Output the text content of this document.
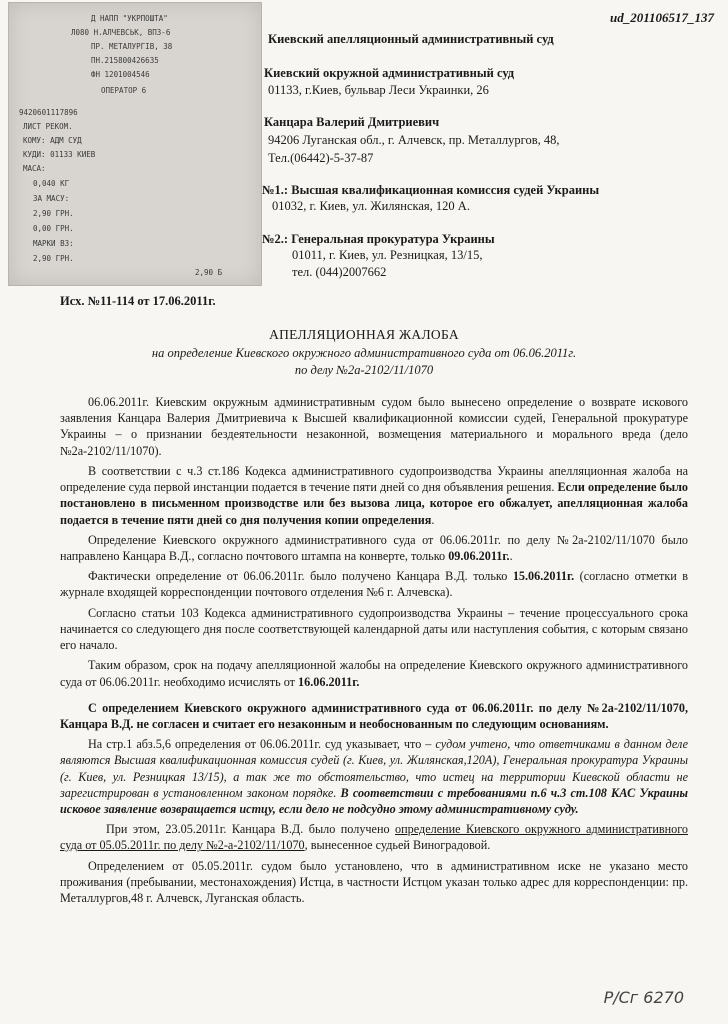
ud_201106517_137
Д НАПП "УКРПОШТА"
Л080 Н.АЛЧЕВСЬК, ВПЗ-6
ПР. МЕТАЛУРГIВ, 38
ПН.215800426635
ФН 1201004546
ОПЕРАТОР 6
9420601117896
ЛИСТ РЕКОМ.
КОМУ: АДМ СУД
КУДИ: 01133 КИЕВ
МАСА:
0,040 КГ
ЗА МАСУ:
2,90 ГРН.
0,00 ГРН.
МАРКИ ВЗ:
2,90 ГРН.
2,90 Б
Киевский апелляционный административный суд
Киевский окружной административный суд
01133, г.Киев, бульвар Леси Украинки, 26
Канцара Валерий Дмитриевич
94206 Луганская обл., г. Алчевск, пр. Металлургов, 48,
Тел.(06442)-5-37-87
№1.: Высшая квалификационная комиссия судей Украины
01032, г. Киев, ул. Жилянская, 120 А.
№2.: Генеральная прокуратура Украины
01011, г. Киев, ул. Резницкая, 13/15,
тел. (044)2007662
Исх. №11-114 от 17.06.2011г.
АПЕЛЛЯЦИОННАЯ ЖАЛОБА
на определение Киевского окружного административного суда от 06.06.2011г.
по делу №2а-2102/11/1070

06.06.2011г. Киевским окружным административным судом было вынесено определение о возврате искового заявления Канцара Валерия Дмитриевича к Высшей квалификационной комиссии судей, Генеральной прокуратуре Украины – о признании бездеятельности незаконной, возмещения материального и морального вреда (дело №2а-2102/11/1070).

В соответствии с ч.3 ст.186 Кодекса административного судопроизводства Украины апелляционная жалоба на определение суда первой инстанции подается в течение пяти дней со дня объявления решения. Если определение было постановлено в письменном производстве или без вызова лица, которое его обжалует, апелляционная жалоба подается в течение пяти дней со дня получения копии определения.

Определение Киевского окружного административного суда от 06.06.2011г. по делу №2а-2102/11/1070 было направлено Канцара В.Д., согласно почтового штампа на конверте, только 09.06.2011г..

Фактически определение от 06.06.2011г. было получено Канцара В.Д. только 15.06.2011г. (согласно отметки в журнале входящей корреспонденции почтового отделения №6 г. Алчевска).

Согласно статьи 103 Кодекса административного судопроизводства Украины – течение процессуального срока начинается со следующего дня после соответствующей календарной даты или наступления события, с которым связано его начало.

Таким образом, срок на подачу апелляционной жалобы на определение Киевского окружного административного суда от 06.06.2011г. необходимо исчислять от 16.06.2011г.

С определением Киевского окружного административного суда от 06.06.2011г. по делу №2а-2102/11/1070, Канцара В.Д. не согласен и считает его незаконным и необоснованным по следующим основаниям.

На стр.1 абз.5,6 определения от 06.06.2011г. суд указывает, что – судом учтено, что ответчиками в данном деле являются Высшая квалификационная комиссия судей (г. Киев, ул. Жилянская,120А), Генеральная прокуратура Украины (г. Киев, ул. Резницкая 13/15), а так же то обстоятельство, что истец на территории Киевской области не зарегистрирован в установленном законом порядке. В соответствии с требованиями п.6 ч.3 ст.108 КАС Украины исковое заявление возвращается истцу, если дело не подсудно этому административному суду.

При этом, 23.05.2011г. Канцара В.Д. было получено определение Киевского окружного административного суда от 05.05.2011г. по делу №2-а-2102/11/1070, вынесенное судьей Виноградовой.

Определением от 05.05.2011г. судом было установлено, что в административном иске не указано место проживания (пребывании, местонахождения) Истца, в частности Истцом указан только адрес для корреспонденции: пр. Металлургов,48 г. Алчевск, Луганская область.

Р/Сг 6270
